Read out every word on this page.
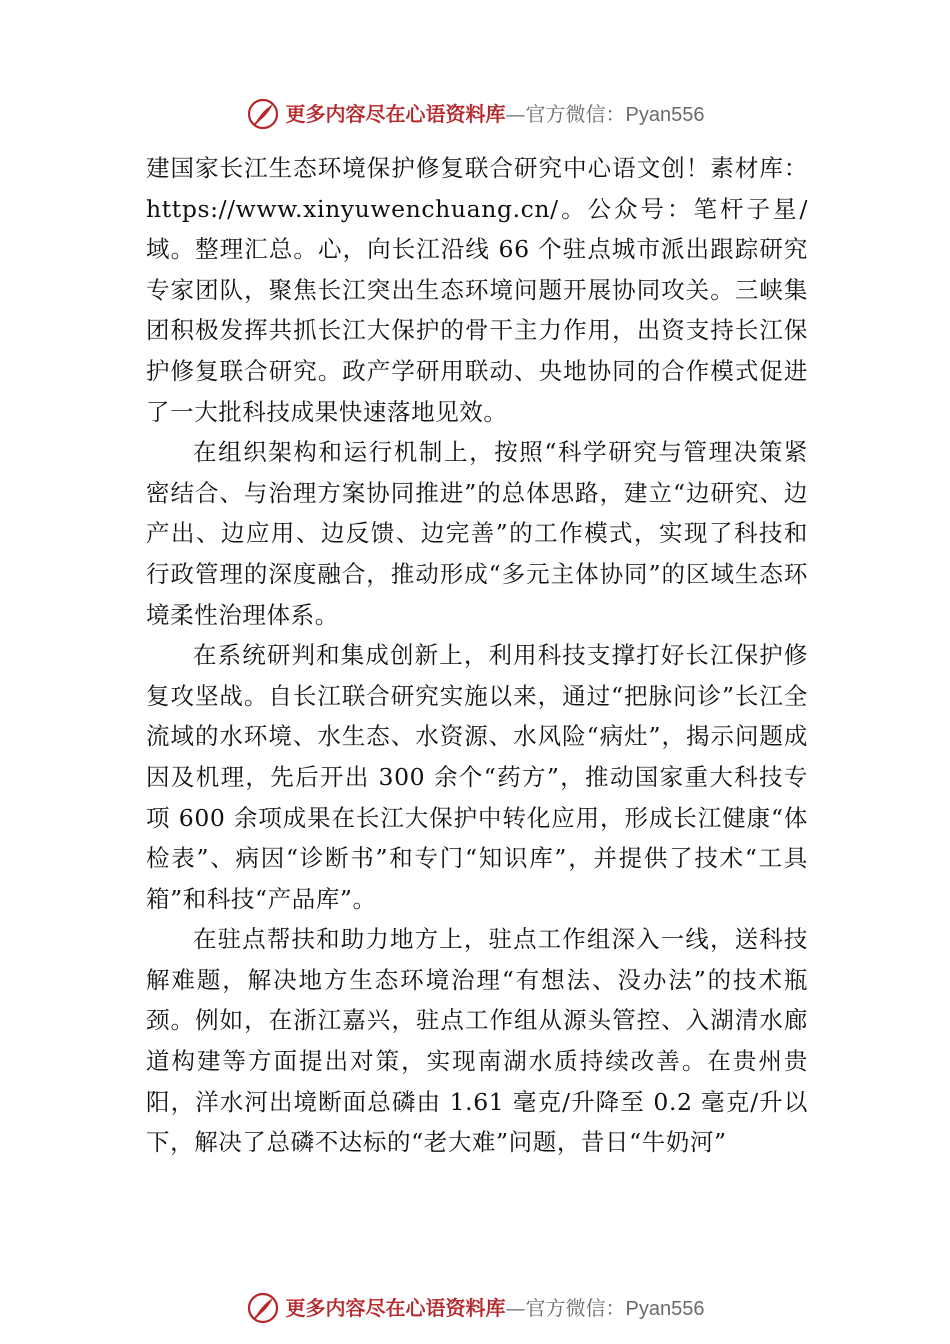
更多内容尽在心语资料库—官方微信：Pyan556

建国家长江生态环境保护修复联合研究中心语文创！素材库：https://www.xinyuwenchuang.cn/。公众号：笔杆子星/域。整理汇总。心，向长江沿线 66 个驻点城市派出跟踪研究专家团队，聚焦长江突出生态环境问题开展协同攻关。三峡集团积极发挥共抓长江大保护的骨干主力作用，出资支持长江保护修复联合研究。政产学研用联动、央地协同的合作模式促进了一大批科技成果快速落地见效。

在组织架构和运行机制上，按照“科学研究与管理决策紧密结合、与治理方案协同推进”的总体思路，建立“边研究、边产出、边应用、边反馈、边完善”的工作模式，实现了科技和行政管理的深度融合，推动形成“多元主体协同”的区域生态环境柔性治理体系。

在系统研判和集成创新上，利用科技支撑打好长江保护修复攻坚战。自长江联合研究实施以来，通过“把脉问诊”长江全流域的水环境、水生态、水资源、水风险“病灶”，揭示问题成因及机理，先后开出 300 余个“药方”，推动国家重大科技专项 600 余项成果在长江大保护中转化应用，形成长江健康“体检表”、病因“诊断书”和专门“知识库”，并提供了技术“工具箱”和科技“产品库”。

在驻点帮扶和助力地方上，驻点工作组深入一线，送科技解难题，解决地方生态环境治理“有想法、没办法”的技术瓶颈。例如，在浙江嘉兴，驻点工作组从源头管控、入湖清水廊道构建等方面提出对策，实现南湖水质持续改善。在贵州贵阳，洋水河出境断面总磷由 1.61 毫克/升降至 0.2 毫克/升以下，解决了总磷不达标的“老大难”问题，昔日“牛奶河”

更多内容尽在心语资料库—官方微信：Pyan556
